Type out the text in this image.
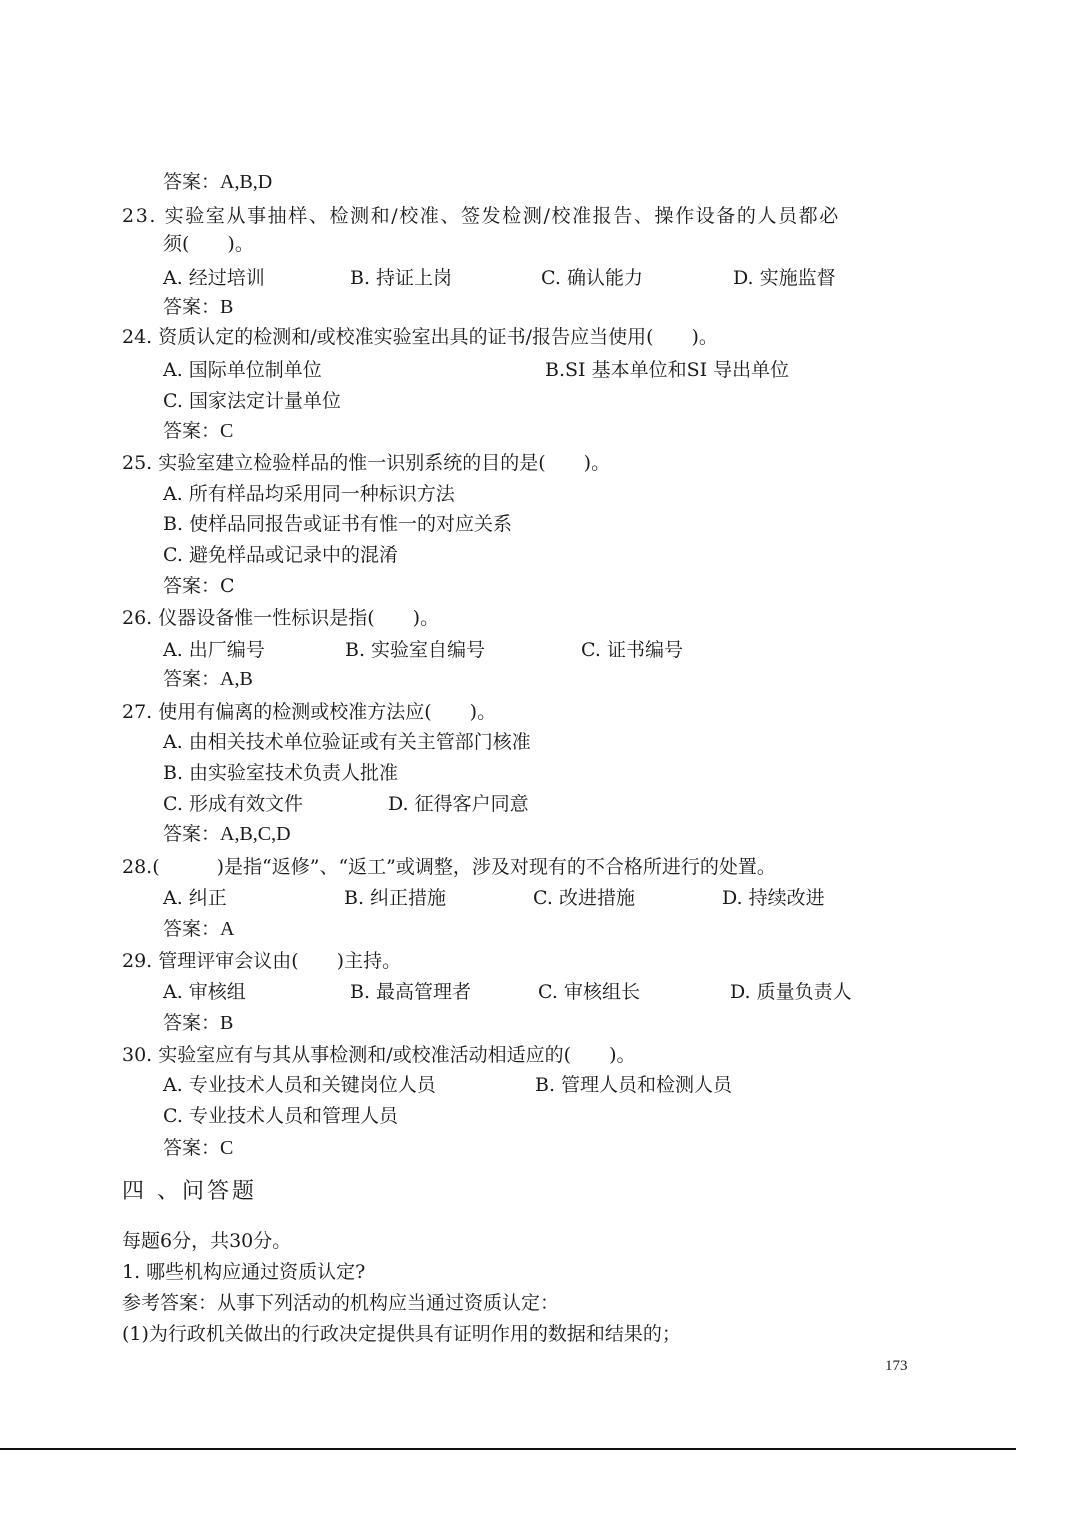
答案：A,B,D
23. 实验室从事抽样、检测和/校准、签发检测/校准报告、操作设备的人员都必
须(　　)。
A. 经过培训	B. 持证上岗	C. 确认能力	D. 实施监督
答案：B
24. 资质认定的检测和/或校准实验室出具的证书/报告应当使用(　　)。
A. 国际单位制单位	B.SI 基本单位和SI 导出单位
C. 国家法定计量单位
答案：C
25. 实验室建立检验样品的惟一识别系统的目的是(　　)。
A. 所有样品均采用同一种标识方法
B. 使样品同报告或证书有惟一的对应关系
C. 避免样品或记录中的混淆
答案：C
26. 仪器设备惟一性标识是指(　　)。
A. 出厂编号	B. 实验室自编号	C. 证书编号
答案：A,B
27. 使用有偏离的检测或校准方法应(　　)。
A. 由相关技术单位验证或有关主管部门核准
B. 由实验室技术负责人批准
C. 形成有效文件	D. 征得客户同意
答案：A,B,C,D
28.(　　　)是指“返修”、“返工”或调整，涉及对现有的不合格所进行的处置。
A. 纠正	B. 纠正措施	C. 改进措施	D. 持续改进
答案：A
29. 管理评审会议由(　　)主持。
A. 审核组	B. 最高管理者	C. 审核组长	D. 质量负责人
答案：B
30. 实验室应有与其从事检测和/或校准活动相适应的(　　)。
A. 专业技术人员和关键岗位人员	B. 管理人员和检测人员
C. 专业技术人员和管理人员
答案：C
四 、问答题
每题6分，共30分。
1. 哪些机构应通过资质认定?
参考答案：从事下列活动的机构应当通过资质认定：
(1)为行政机关做出的行政决定提供具有证明作用的数据和结果的；
173
